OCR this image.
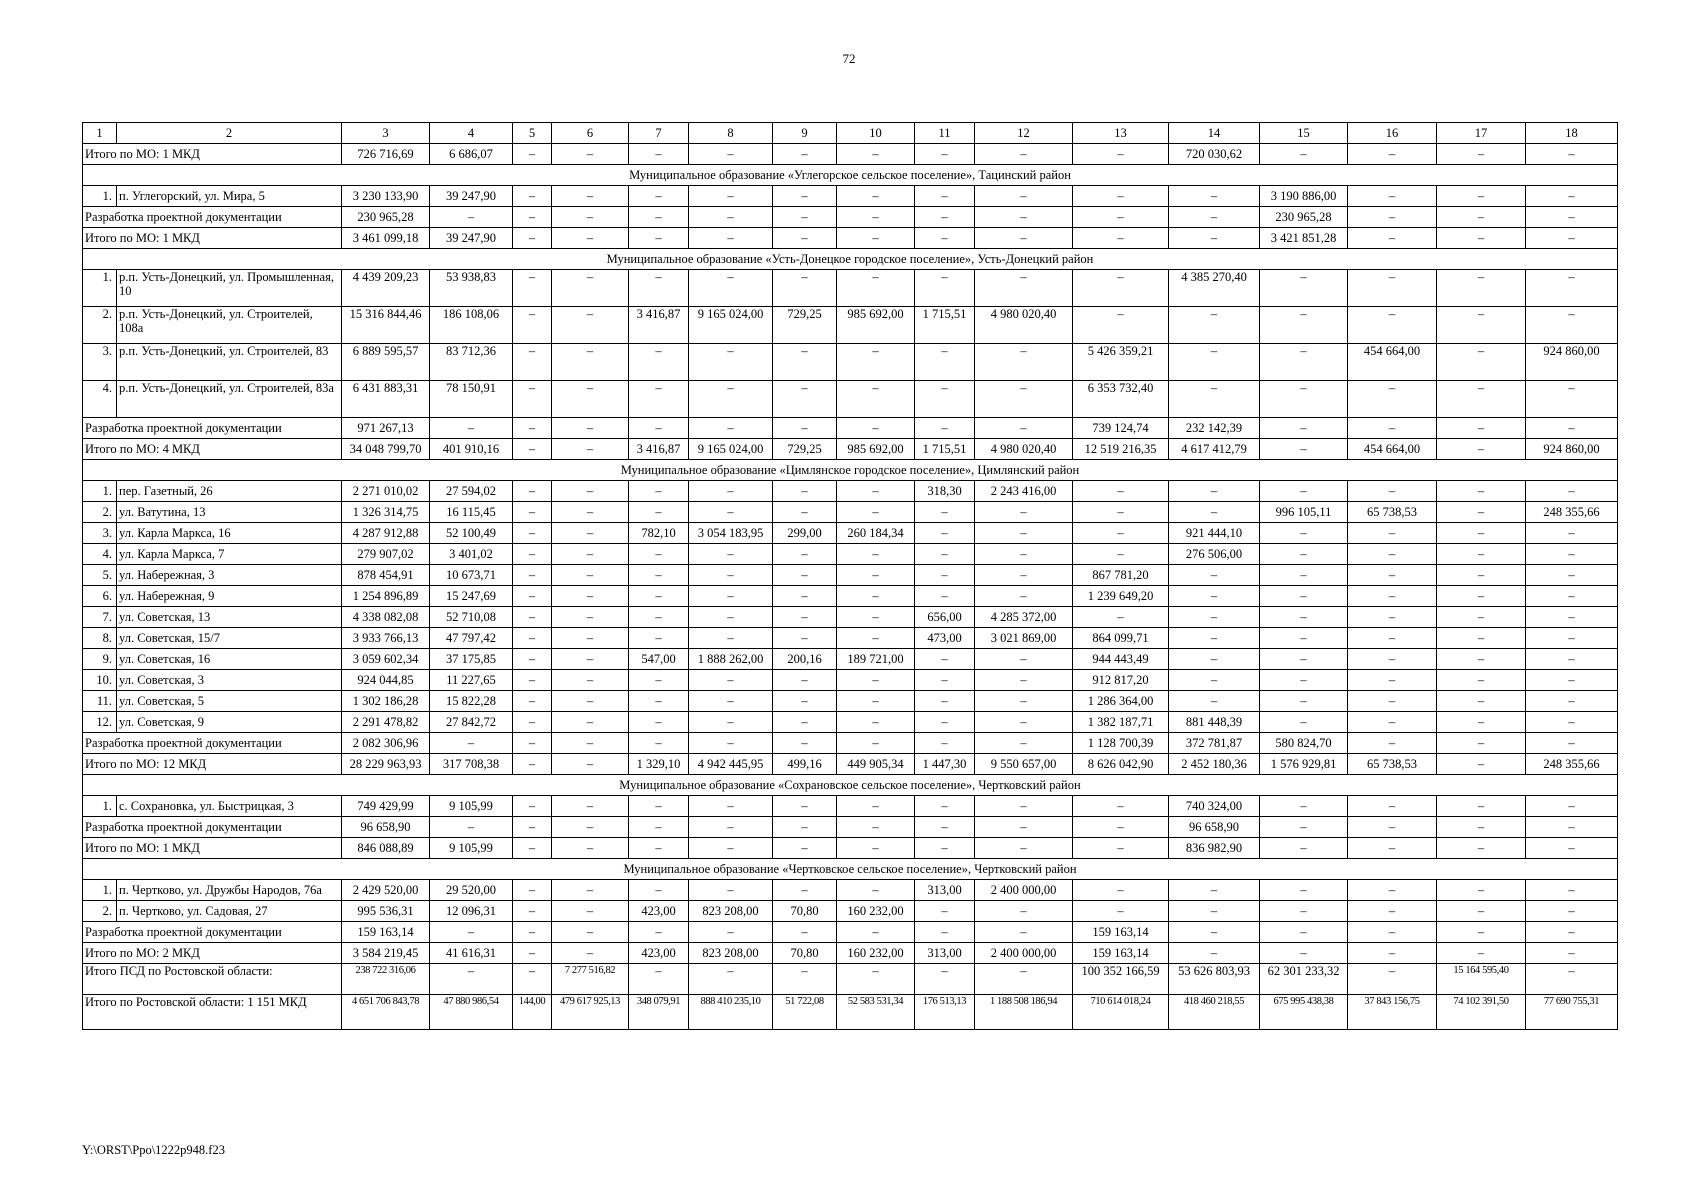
72
1	2	3	4	5	6	7	8	9	10	11	12	13	14	15	16	17	18
Итого по МО: 1 МКД		726 716,69	6 686,07	–	–	–	–	–	–	–	–	–	720 030,62	–	–	–	–
Муниципальное образование «Углегорское сельское поселение», Тацинский район																	
1.	п. Углегорский, ул. Мира, 5	3 230 133,90	39 247,90	–	–	–	–	–	–	–	–	–	–	3 190 886,00	–	–	–
Разработка проектной документации		230 965,28	–	–	–	–	–	–	–	–	–	–	–	230 965,28	–	–	–
Итого по МО: 1 МКД		3 461 099,18	39 247,90	–	–	–	–	–	–	–	–	–	–	3 421 851,28	–	–	–
Муниципальное образование «Усть-Донецкое городское поселение», Усть-Донецкий район																	
1.	р.п. Усть-Донецкий, ул. Промышленная, 10	4 439 209,23	53 938,83	–	–	–	–	–	–	–	–	–	4 385 270,40	–	–	–	–
2.	р.п. Усть-Донецкий, ул. Строителей, 108а	15 316 844,46	186 108,06	–	–	3 416,87	9 165 024,00	729,25	985 692,00	1 715,51	4 980 020,40	–	–	–	–	–	–
3.	р.п. Усть-Донецкий, ул. Строителей, 83	6 889 595,57	83 712,36	–	–	–	–	–	–	–	–	5 426 359,21	–	–	454 664,00	–	924 860,00
4.	р.п. Усть-Донецкий, ул. Строителей, 83а	6 431 883,31	78 150,91	–	–	–	–	–	–	–	–	6 353 732,40	–	–	–	–	–
Разработка проектной документации		971 267,13	–	–	–	–	–	–	–	–	–	739 124,74	232 142,39	–	–	–	–
Итого по МО: 4 МКД		34 048 799,70	401 910,16	–	–	3 416,87	9 165 024,00	729,25	985 692,00	1 715,51	4 980 020,40	12 519 216,35	4 617 412,79	–	454 664,00	–	924 860,00
Муниципальное образование «Цимлянское городское поселение», Цимлянский район																	
1.	пер. Газетный, 26	2 271 010,02	27 594,02	–	–	–	–	–	–	318,30	2 243 416,00	–	–	–	–	–	–
2.	ул. Ватутина, 13	1 326 314,75	16 115,45	–	–	–	–	–	–	–	–	–	–	996 105,11	65 738,53	–	248 355,66
3.	ул. Карла Маркса, 16	4 287 912,88	52 100,49	–	–	782,10	3 054 183,95	299,00	260 184,34	–	–	–	921 444,10	–	–	–	–
4.	ул. Карла Маркса, 7	279 907,02	3 401,02	–	–	–	–	–	–	–	–	–	276 506,00	–	–	–	–
5.	ул. Набережная, 3	878 454,91	10 673,71	–	–	–	–	–	–	–	–	867 781,20	–	–	–	–	–
6.	ул. Набережная, 9	1 254 896,89	15 247,69	–	–	–	–	–	–	–	–	1 239 649,20	–	–	–	–	–
7.	ул. Советская, 13	4 338 082,08	52 710,08	–	–	–	–	–	–	656,00	4 285 372,00	–	–	–	–	–	–
8.	ул. Советская, 15/7	3 933 766,13	47 797,42	–	–	–	–	–	–	473,00	3 021 869,00	864 099,71	–	–	–	–	–
9.	ул. Советская, 16	3 059 602,34	37 175,85	–	–	547,00	1 888 262,00	200,16	189 721,00	–	–	944 443,49	–	–	–	–	–
10.	ул. Советская, 3	924 044,85	11 227,65	–	–	–	–	–	–	–	–	912 817,20	–	–	–	–	–
11.	ул. Советская, 5	1 302 186,28	15 822,28	–	–	–	–	–	–	–	–	1 286 364,00	–	–	–	–	–
12.	ул. Советская, 9	2 291 478,82	27 842,72	–	–	–	–	–	–	–	–	1 382 187,71	881 448,39	–	–	–	–
Разработка проектной документации		2 082 306,96	–	–	–	–	–	–	–	–	–	1 128 700,39	372 781,87	580 824,70	–	–	–
Итого по МО: 12 МКД		28 229 963,93	317 708,38	–	–	1 329,10	4 942 445,95	499,16	449 905,34	1 447,30	9 550 657,00	8 626 042,90	2 452 180,36	1 576 929,81	65 738,53	–	248 355,66
Муниципальное образование «Сохрановское сельское поселение», Чертковский район																	
1.	с. Сохрановка, ул. Быстрицкая, 3	749 429,99	9 105,99	–	–	–	–	–	–	–	–	–	740 324,00	–	–	–	–
Разработка проектной документации		96 658,90	–	–	–	–	–	–	–	–	–	–	96 658,90	–	–	–	–
Итого по МО: 1 МКД		846 088,89	9 105,99	–	–	–	–	–	–	–	–	–	836 982,90	–	–	–	–
Муниципальное образование «Чертковское сельское поселение», Чертковский район																	
1.	п. Чертково, ул. Дружбы Народов, 76а	2 429 520,00	29 520,00	–	–	–	–	–	–	313,00	2 400 000,00	–	–	–	–	–	–
2.	п. Чертково, ул. Садовая, 27	995 536,31	12 096,31	–	–	423,00	823 208,00	70,80	160 232,00	–	–	–	–	–	–	–	–
Разработка проектной документации		159 163,14	–	–	–	–	–	–	–	–	–	159 163,14	–	–	–	–	–
Итого по МО: 2 МКД		3 584 219,45	41 616,31	–	–	423,00	823 208,00	70,80	160 232,00	313,00	2 400 000,00	159 163,14	–	–	–	–	–
Итого ПСД по Ростовской области:		238 722 316,06	–	–	7 277 516,82	–	–	–	–	–	–	100 352 166,59	53 626 803,93	62 301 233,32	–	15 164 595,40	–
Итого по Ростовской области: 1 151 МКД		4 651 706 843,78	47 880 986,54	144,00	479 617 925,13	348 079,91	888 410 235,10	51 722,08	52 583 531,34	176 513,13	1 188 508 186,94	710 614 018,24	418 460 218,55	675 995 438,38	37 843 156,75	74 102 391,50	77 690 755,31
Y:\ORST\Ppo\1222p948.f23
